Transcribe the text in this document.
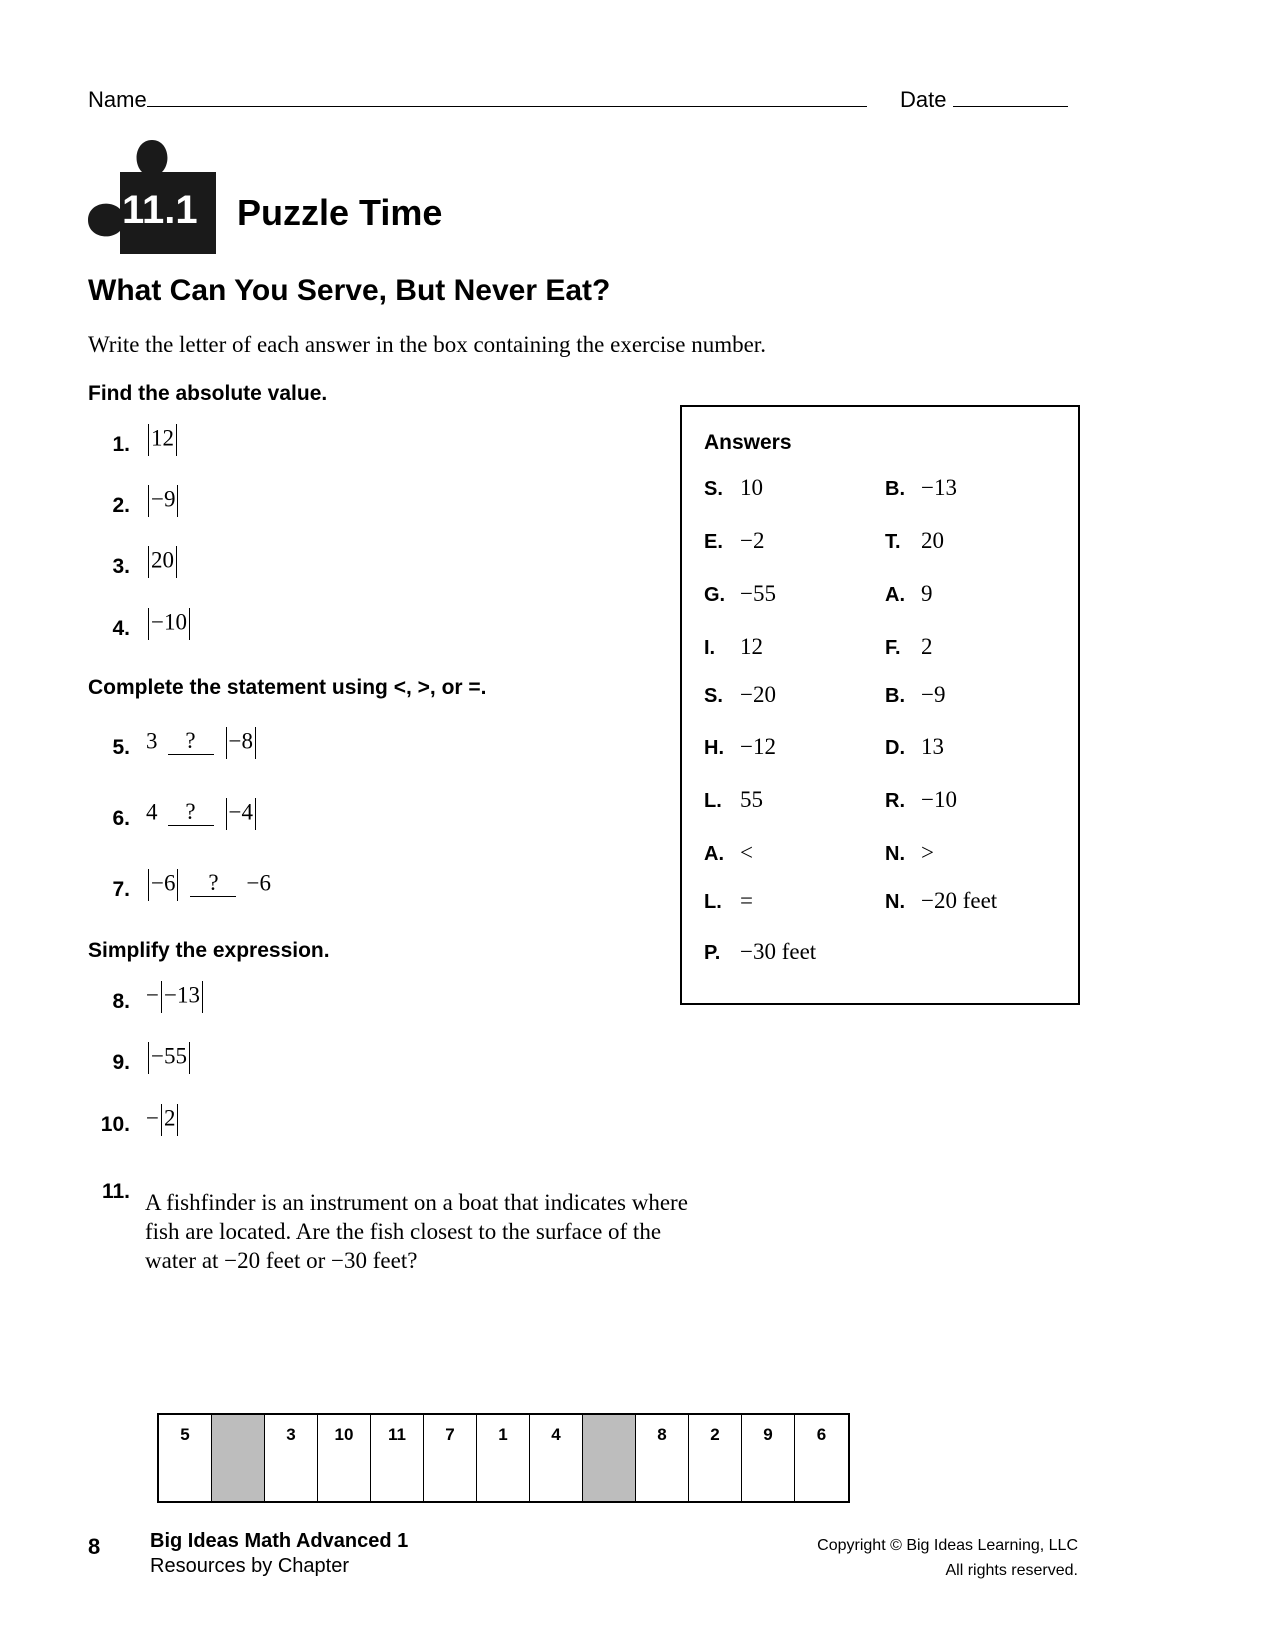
Name	Date
11.1 Puzzle Time
What Can You Serve, But Never Eat?
Write the letter of each answer in the box containing the exercise number.
Find the absolute value.
Complete the statement using <, >, or =.
Simplify the expression.
1. 12
2. −9
3. 20
4. −10
5. 3 ? −8
6. 4 ? −4
7. −6 ? −6
8. − −13
9. −55
10. − 2
11. A fishfinder is an instrument on a boat that indicates where fish are located. Are the fish closest to the surface of the water at −20 feet or −30 feet?
Answers
S. 10	B. −13
E. −2	T. 20
G. −55	A. 9
I. 12	F. 2
S. −20	B. −9
H. −12	D. 13
L. 55	R. −10
A. <	N. >
L. =	N. −20 feet
P. −30 feet
5	3	10	11	7	1	4	8	2	9	6
8 Big Ideas Math Advanced 1
Resources by Chapter
Copyright © Big Ideas Learning, LLC
All rights reserved.
